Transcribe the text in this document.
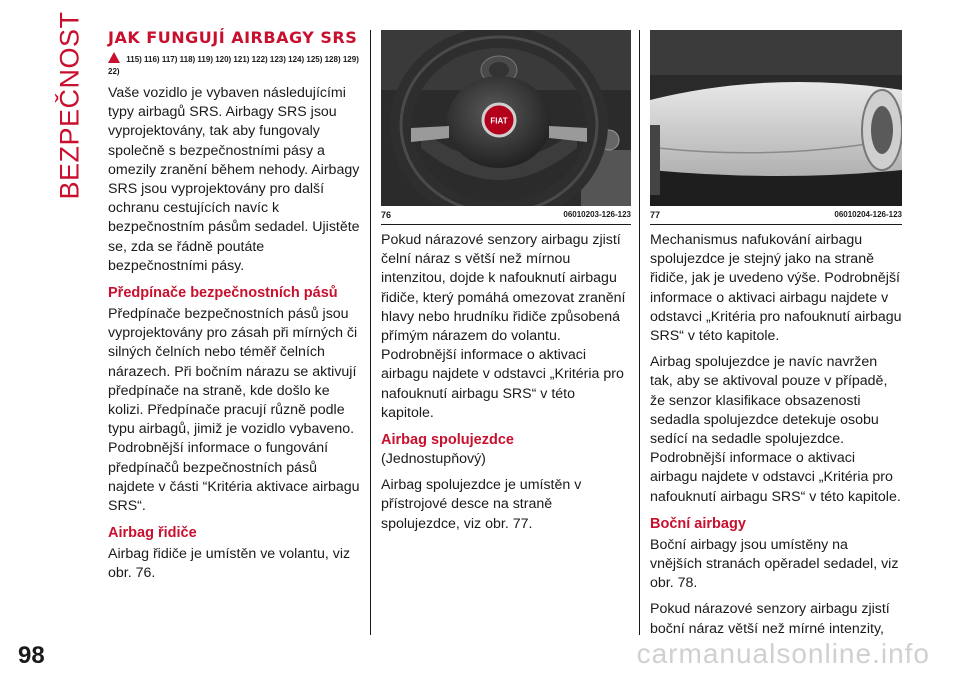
BEZPEČNOST JAK FUNGUJÍ AIRBAGY SRS
115) 116) 117) 118) 119) 120) 121) 122) 123) 124) 125) 128) 129) 22)

Vaše vozidlo je vybaven následujícími typy airbagů SRS. Airbagy SRS jsou vyprojektovány, tak aby fungovaly společně s bezpečnostními pásy a omezily zranění během nehody. Airbagy SRS jsou vyprojektovány pro další ochranu cestujících navíc k bezpečnostním pásům sedadel. Ujistěte se, zda se řádně poutáte bezpečnostními pásy.

Předpínače bezpečnostních pásů

Předpínače bezpečnostních pásů jsou vyprojektovány pro zásah při mírných či silných čelních nebo téměř čelních nárazech. Při bočním nárazu se aktivují předpínače na straně, kde došlo ke kolizi. Předpínače pracují různě podle typu airbagů, jimiž je vozidlo vybaveno. Podrobnější informace o fungování předpínačů bezpečnostních pásů najdete v části “Kritéria aktivace airbagu SRS“.

Airbag řidiče

Airbag řidiče je umístěn ve volantu, viz obr. 76.

FIAT
76	06010203-126-123

Pokud nárazové senzory airbagu zjistí čelní náraz s větší než mírnou intenzitou, dojde k nafouknutí airbagu řidiče, který pomáhá omezovat zranění hlavy nebo hrudníku řidiče způsobená přímým nárazem do volantu. Podrobnější informace o aktivaci airbagu najdete v odstavci „Kritéria pro nafouknutí airbagu SRS“ v této kapitole.

Airbag spolujezdce

(Jednostupňový)

Airbag spolujezdce je umístěn v přístrojové desce na straně spolujezdce, viz obr. 77.

77	06010204-126-123

Mechanismus nafukování airbagu spolujezdce je stejný jako na straně řidiče, jak je uvedeno výše. Podrobnější informace o aktivaci airbagu najdete v odstavci „Kritéria pro nafouknutí airbagu SRS“ v této kapitole.

Airbag spolujezdce je navíc navržen tak, aby se aktivoval pouze v případě, že senzor klasifikace obsazenosti sedadla spolujezdce detekuje osobu sedící na sedadle spolujezdce. Podrobnější informace o aktivaci airbagu najdete v odstavci „Kritéria pro nafouknutí airbagu SRS“ v této kapitole.

Boční airbagy

Boční airbagy jsou umístěny na vnějších stranách opěradel sedadel, viz obr. 78.

Pokud nárazové senzory airbagu zjistí boční náraz větší než mírné intenzity,

98	carmanualsonline.info
